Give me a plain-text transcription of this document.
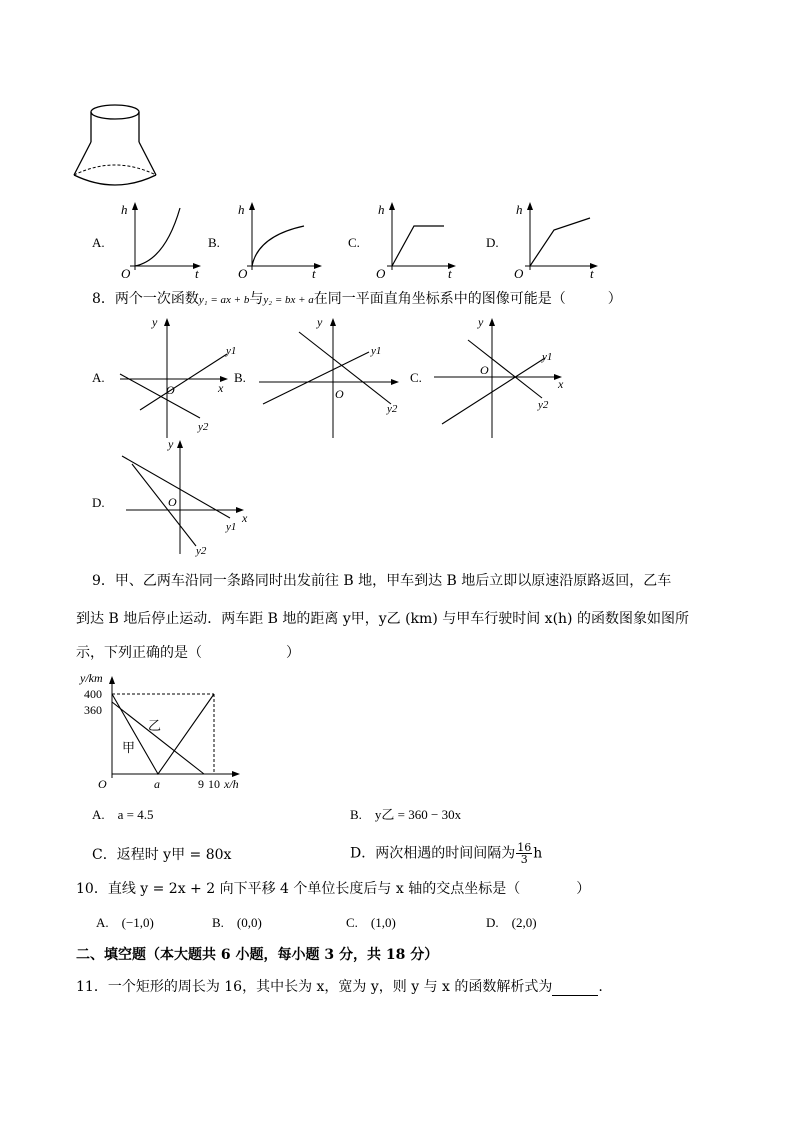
A.
h
t
O
B.
h
t
O
C.
h
t
O
D.
h
t
O
8．两个一次函数y₁ = ax + b与y₂ = bx + a在同一平面直角坐标系中的图像可能是（　　　）
A.
y
x
O
y1
y2
B.
y
O
y1
y2
C.
y
x
O
y1
y2
D.
y
x
O
y1
y2
9．甲、乙两车沿同一条路同时出发前往 B 地，甲车到达 B 地后立即以原速沿原路返回，乙车
到达 B 地后停止运动．两车距 B 地的距离 y甲，y乙 (km) 与甲车行驶时间 x(h) 的函数图象如图所
示，下列正确的是（　　　　　　）
y/km
400
360
O	a	9 10 x/h
乙
甲
A.　a = 4.5	B.　y乙 = 360 − 30x
C．返程时 y甲 = 80x	D．两次相遇的时间间隔为 $\frac{16}{3}$ h
10．直线 y = 2x + 2 向下平移 4 个单位长度后与 x 轴的交点坐标是（　　　　）
A.　(−1,0)	B.　(0,0)	C.　(1,0)	D.　(2,0)
二、填空题（本大题共 6 小题，每小题 3 分，共 18 分）
11．一个矩形的周长为 16，其中长为 x，宽为 y，则 y 与 x 的函数解析式为	.
